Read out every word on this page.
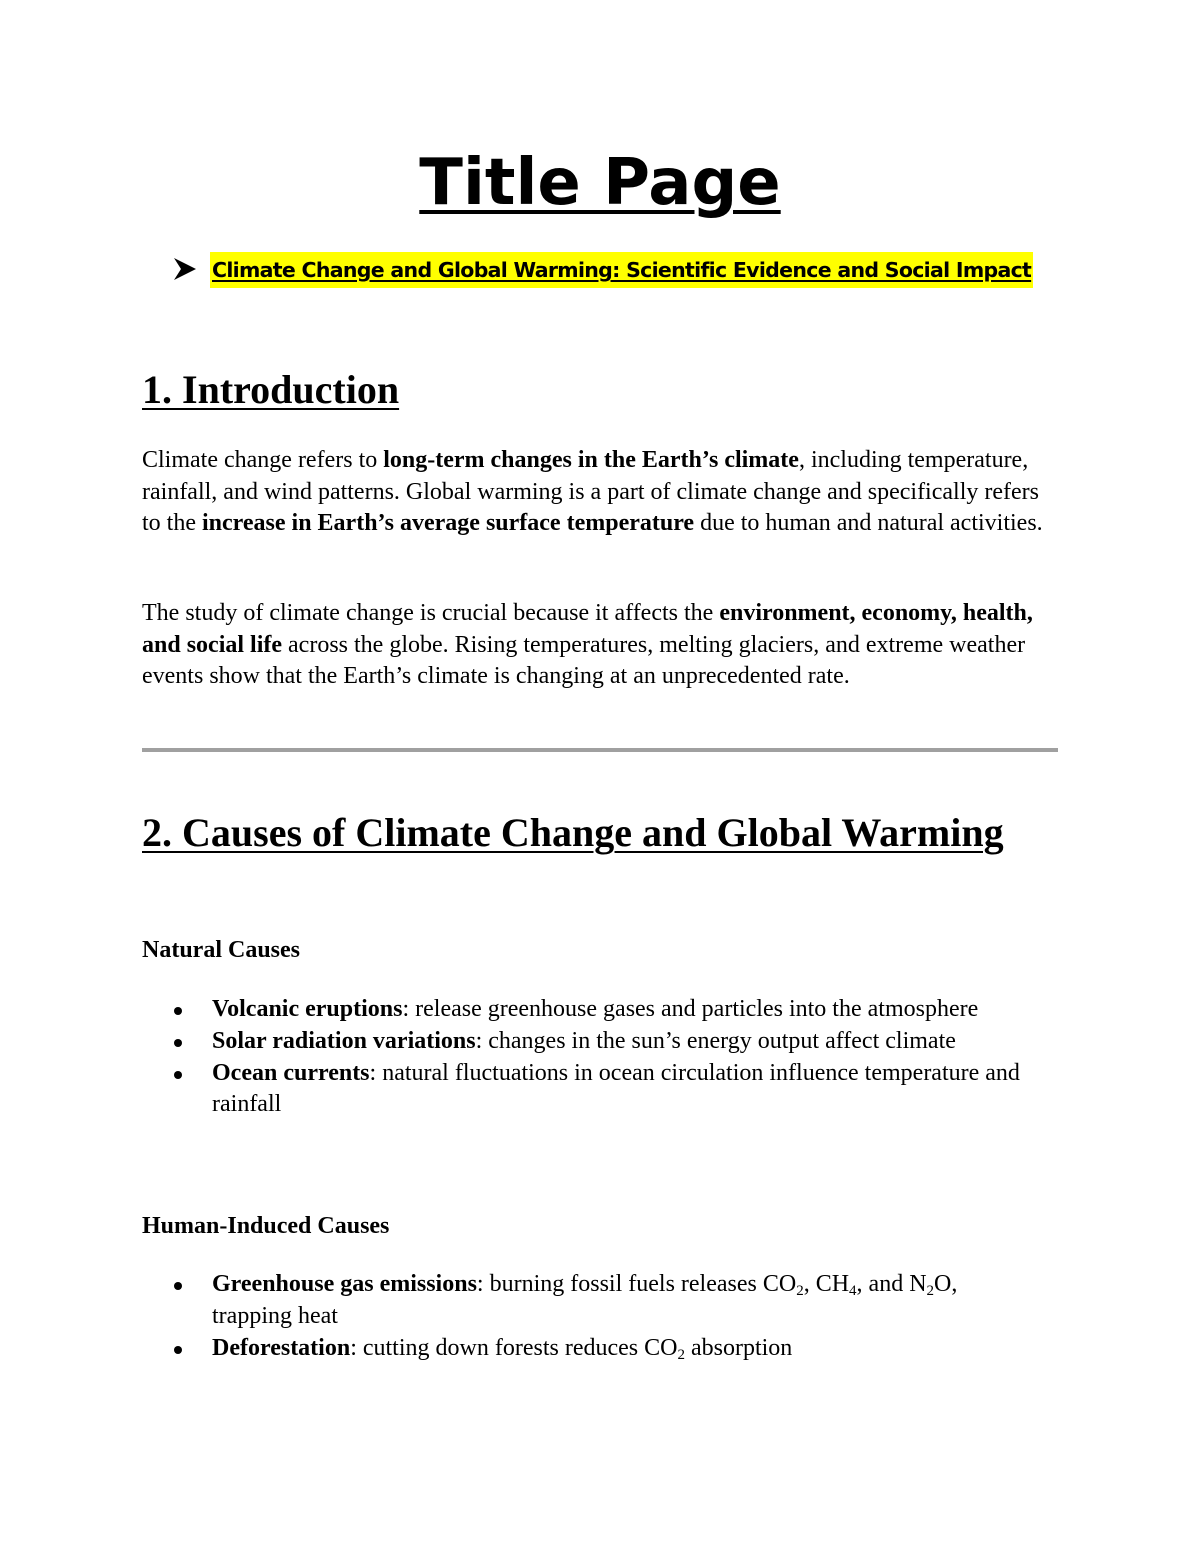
Title Page
Climate Change and Global Warming: Scientific Evidence and Social Impact
1. Introduction

Climate change refers to long-term changes in the Earth’s climate, including temperature, rainfall, and wind patterns. Global warming is a part of climate change and specifically refers to the increase in Earth’s average surface temperature due to human and natural activities.

The study of climate change is crucial because it affects the environment, economy, health, and social life across the globe. Rising temperatures, melting glaciers, and extreme weather events show that the Earth’s climate is changing at an unprecedented rate.

2. Causes of Climate Change and Global Warming
Natural Causes
Volcanic eruptions: release greenhouse gases and particles into the atmosphere
Solar radiation variations: changes in the sun’s energy output affect climate
Ocean currents: natural fluctuations in ocean circulation influence temperature and rainfall
Human-Induced Causes
Greenhouse gas emissions: burning fossil fuels releases $CO_2$, $CH_4$, and $N_2O$, trapping heat
Deforestation: cutting down forests reduces $CO_2$ absorption
